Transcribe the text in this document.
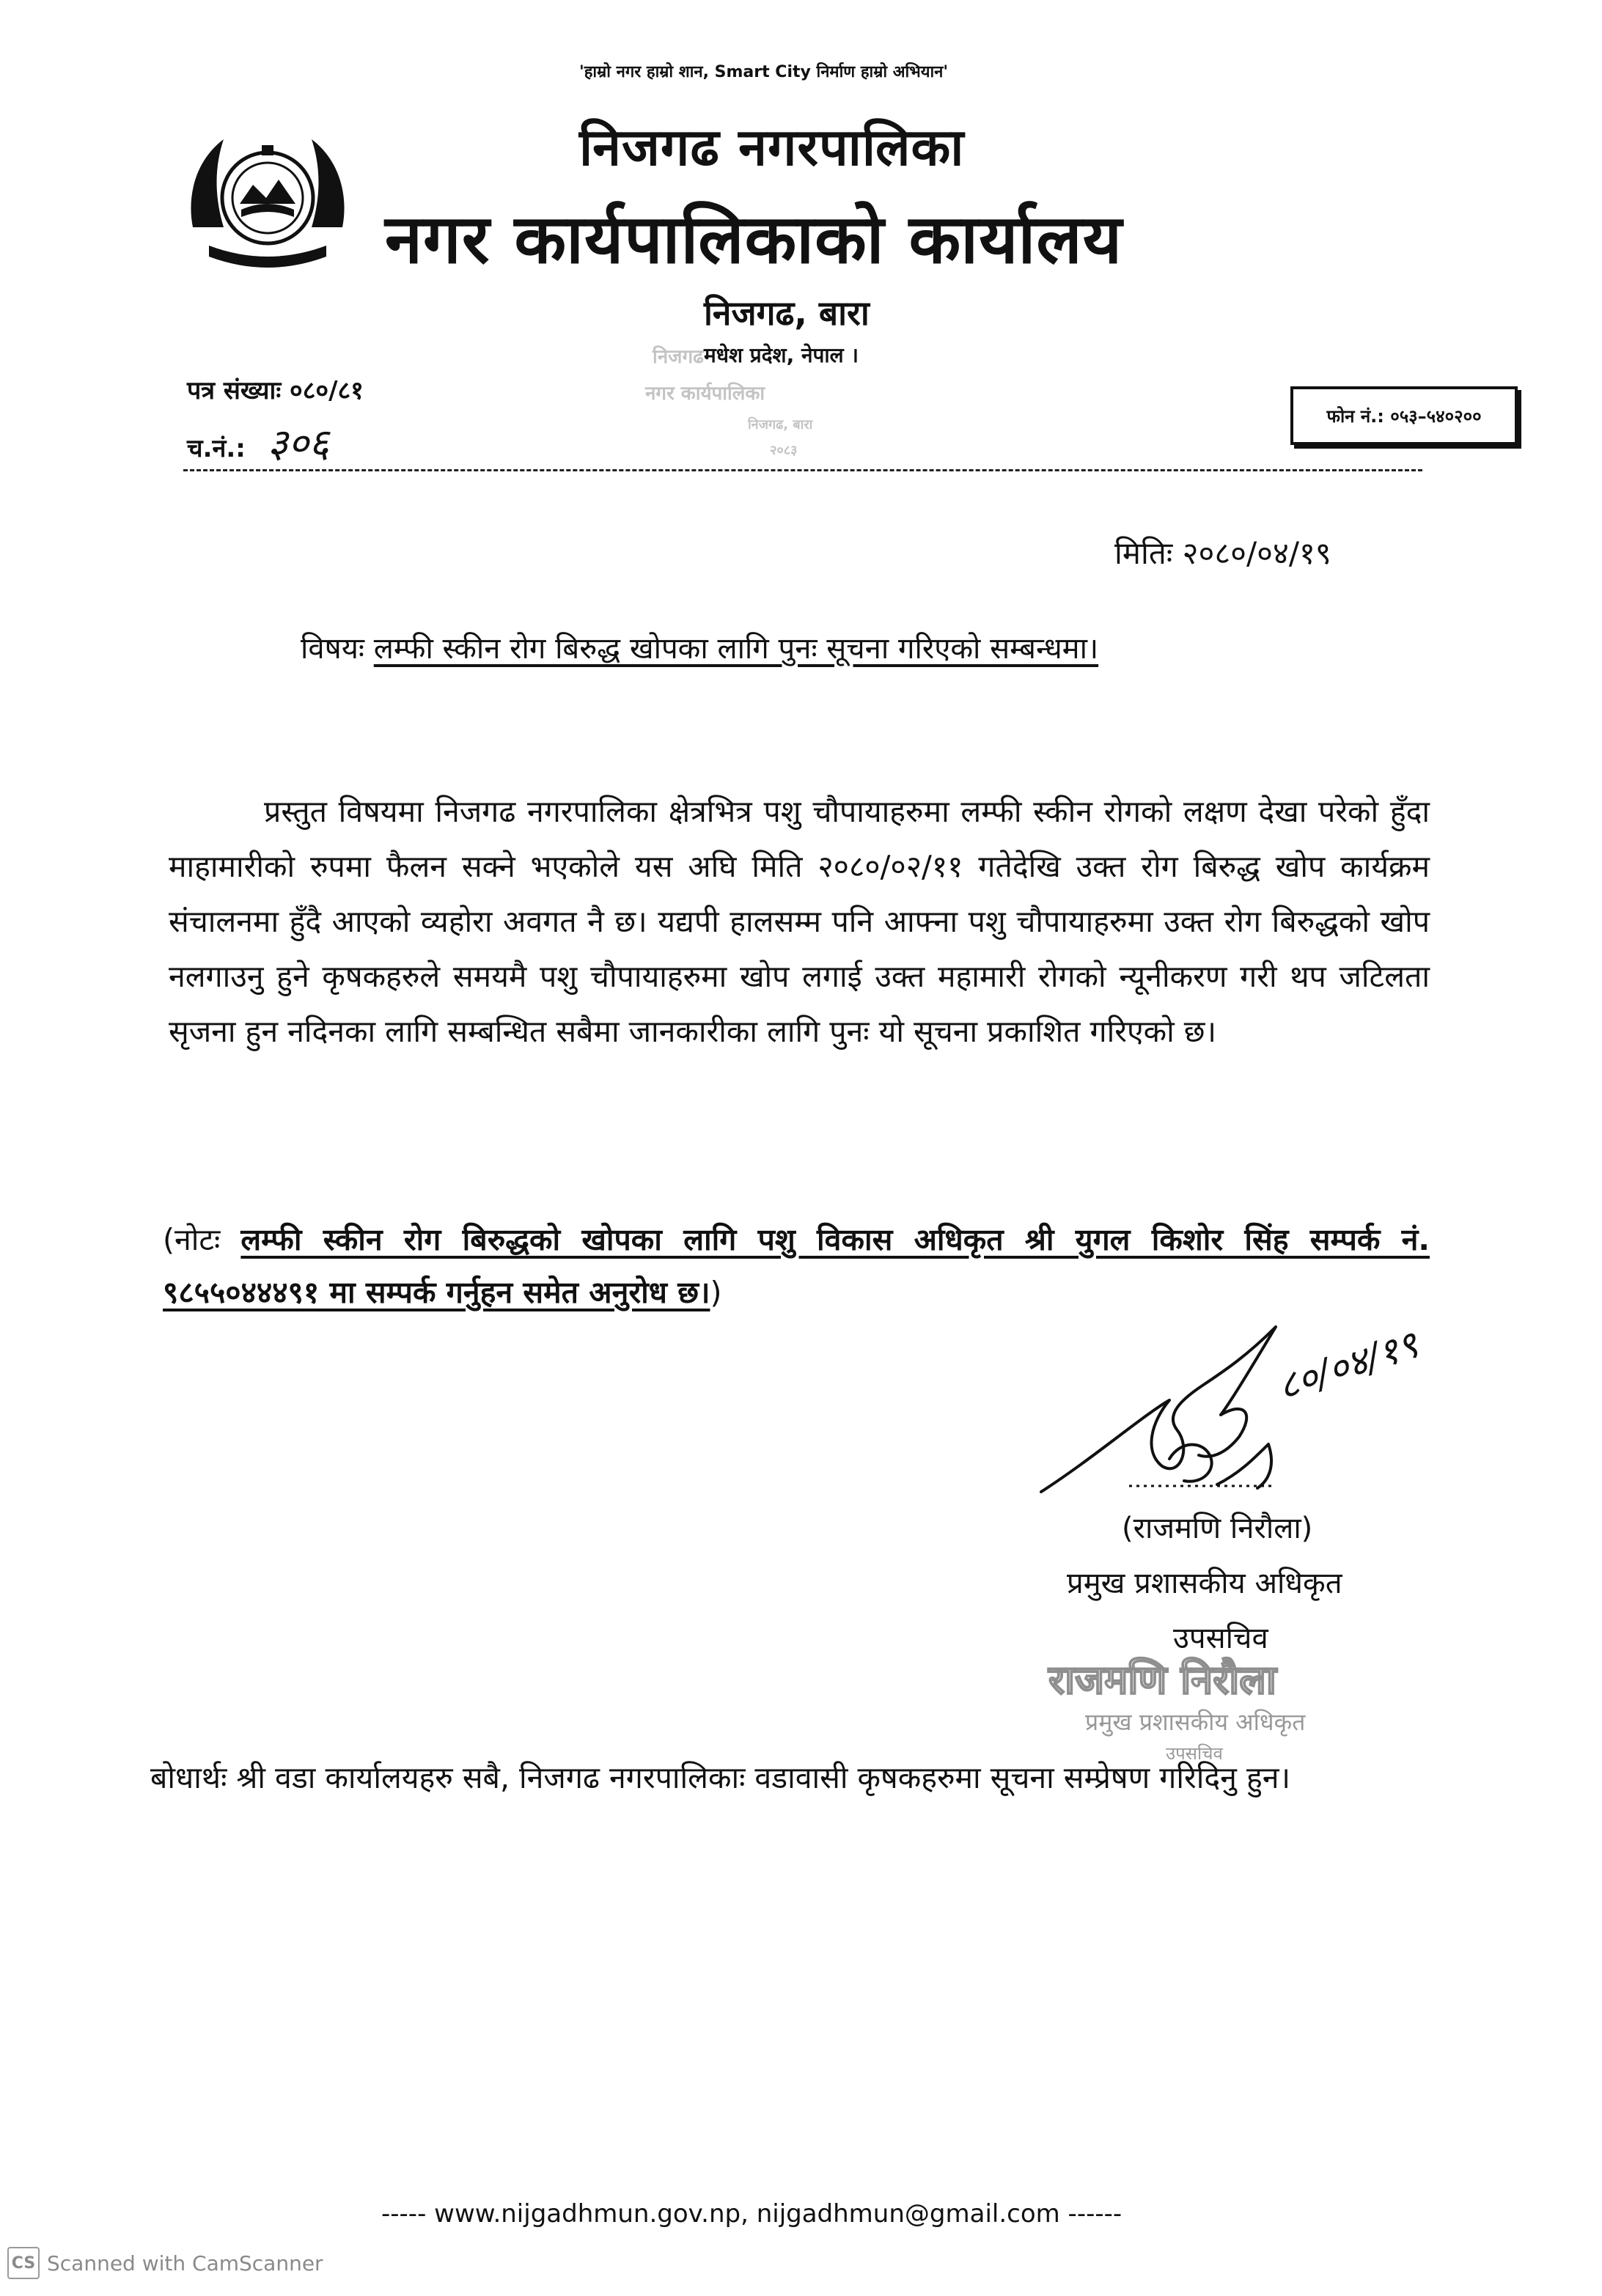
'हाम्रो नगर हाम्रो शान, Smart City निर्माण हाम्रो अभियान'
निजगढ नगरपालिका
नगर कार्यपालिकाको कार्यालय
निजगढ, बारा
मधेश प्रदेश, नेपाल ।
निजगढ
नगर कार्यपालिका
निजगढ, बारा
२०८३
पत्र संख्याः ०८०/८१
च.नं.: ३०६
फोन नं.: ०५३–५४०२००
मितिः २०८०/०४/१९
विषयः लम्फी स्कीन रोग बिरुद्ध खोपका लागि पुनः सूचना गरिएको सम्बन्धमा।
प्रस्तुत विषयमा निजगढ नगरपालिका क्षेत्रभित्र पशु चौपायाहरुमा लम्फी स्कीन रोगको लक्षण देखा परेको हुँदा माहामारीको रुपमा फैलन सक्ने भएकोले यस अघि मिति २०८०/०२/११ गतेदेखि उक्त रोग बिरुद्ध खोप कार्यक्रम संचालनमा हुँदै आएको व्यहोरा अवगत नै छ। यद्यपी हालसम्म पनि आफ्ना पशु चौपायाहरुमा उक्त रोग बिरुद्धको खोप नलगाउनु हुने कृषकहरुले समयमै पशु चौपायाहरुमा खोप लगाई उक्त महामारी रोगको न्यूनीकरण गरी थप जटिलता सृजना हुन नदिनका लागि सम्बन्धित सबैमा जानकारीका लागि पुनः यो सूचना प्रकाशित गरिएको छ।
(नोटः लम्फी स्कीन रोग बिरुद्धको खोपका लागि पशु विकास अधिकृत श्री युगल किशोर सिंह सम्पर्क नं. ९८५५०४४४९१ मा सम्पर्क गर्नुहन समेत अनुरोध छ।)
८०/०४/१९
(राजमणि निरौला)
प्रमुख प्रशासकीय अधिकृत
उपसचिव
राजमणि निरौला
प्रमुख प्रशासकीय अधिकृत
उपसचिव
बोधार्थः श्री वडा कार्यालयहरु सबै, निजगढ नगरपालिकाः वडावासी कृषकहरुमा सूचना सम्प्रेषण गरिदिनु हुन।
----- www.nijgadhmun.gov.np, nijgadhmun@gmail.com ------
CS Scanned with CamScanner
